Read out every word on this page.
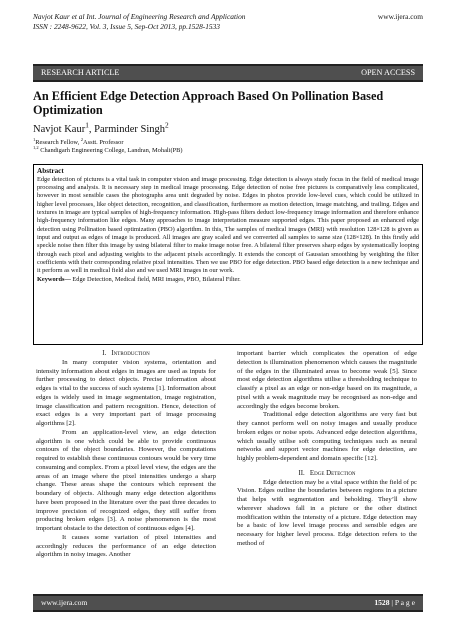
Navjot Kaur et al Int. Journal of Engineering Research and Application
ISSN : 2248-9622, Vol. 3, Issue 5, Sep-Oct 2013, pp.1528-1533
www.ijera.com
RESEARCH ARTICLE	OPEN ACCESS
An Efficient Edge Detection Approach Based On Pollination Based Optimization
Navjot Kaur$^1$, Parminder Singh$^2$
$^1$Research Fellow, $^2$Asstt. Professor
$^{1,2}$ Chandigarh Engineering College, Landran, Mohali(PB)
Abstract
Edge detection of pictures is a vital task in computer vision and image processing. Edge detection is always study focus in the field of medical image processing and analysis. It is necessary step in medical image processing. Edge detection of noise free pictures is comparatively less complicated, however in most sensible cases the photographs area unit degraded by noise. Edges in photos provide low-level cues, which could be utilized in higher level processes, like object detection, recognition, and classification, furthermore as motion detection, image matching, and trailing. Edges and textures in image are typical samples of high-frequency information. High-pass filters deduct low-frequency image information and therefore enhance high-frequency information like edges. Many approaches to image interpretation measure supported edges. This paper proposed an enhanced edge detection using Pollination based optimization (PBO) algorithm. In this, The samples of medical images (MRI) with resolution 128×128 is given as input and output as edges of image is produced. All images are gray scaled and we converted all samples to same size (128×128). In this firstly add speckle noise then filter this image by using bilateral filter to make image noise free. A bilateral filter preserves sharp edges by systematically looping through each pixel and adjusting weights to the adjacent pixels accordingly. It extends the concept of Gaussian smoothing by weighting the filter coefficients with their corresponding relative pixel intensities. Then we use PBO for edge detection. PBO based edge detection is a new technique and it perform as well in medical field also and we used MRI images in our work.
Keywords— Edge Detection, Medical field, MRI images, PBO, Bilateral Filter.
I. Introduction

In many computer vision systems, orientation and intensity information about edges in images are used as inputs for further processing to detect objects. Precise information about edges is vital to the success of such systems [1]. Information about edges is widely used in image segmentation, image registration, image classification and pattern recognition. Hence, detection of exact edges is a very important part of image processing algorithms [2].

From an application-level view, an edge detection algorithm is one which could be able to provide continuous contours of the object boundaries. However, the computations required to establish these continuous contours would be very time consuming and complex. From a pixel level view, the edges are the areas of an image where the pixel intensities undergo a sharp change. These areas shape the contours which represent the boundary of objects. Although many edge detection algorithms have been proposed in the literature over the past three decades to improve precision of recognized edges, they still suffer from producing broken edges [3]. A noise phenomenon is the most important obstacle to the detection of continuous edges [4].

It causes some variation of pixel intensities and accordingly reduces the performance of an edge detection algorithm in noisy images. Another

important barrier which complicates the operation of edge detection is illumination phenomenon which causes the magnitude of the edges in the illuminated areas to become weak [5]. Since most edge detection algorithms utilise a thresholding technique to classify a pixel as an edge or non-edge based on its magnitude, a pixel with a weak magnitude may be recognised as non-edge and accordingly the edges become broken.

Traditional edge detection algorithms are very fast but they cannot perform well on noisy images and usually produce broken edges or noise spots. Advanced edge detection algorithms, which usually utilise soft computing techniques such as neural networks and support vector machines for edge detection, are highly problem-dependent and domain specific [12].

II. Edge Detection

Edge detection may be a vital space within the field of pc Vision. Edges outline the boundaries between regions in a picture that helps with segmentation and beholding. They’ll show wherever shadows fall in a picture or the other distinct modification within the intensity of a picture. Edge detection may be a basic of low level image process and sensible edges are necessary for higher level process. Edge detection refers to the method of

www.ijera.com	1528 | P a g e
